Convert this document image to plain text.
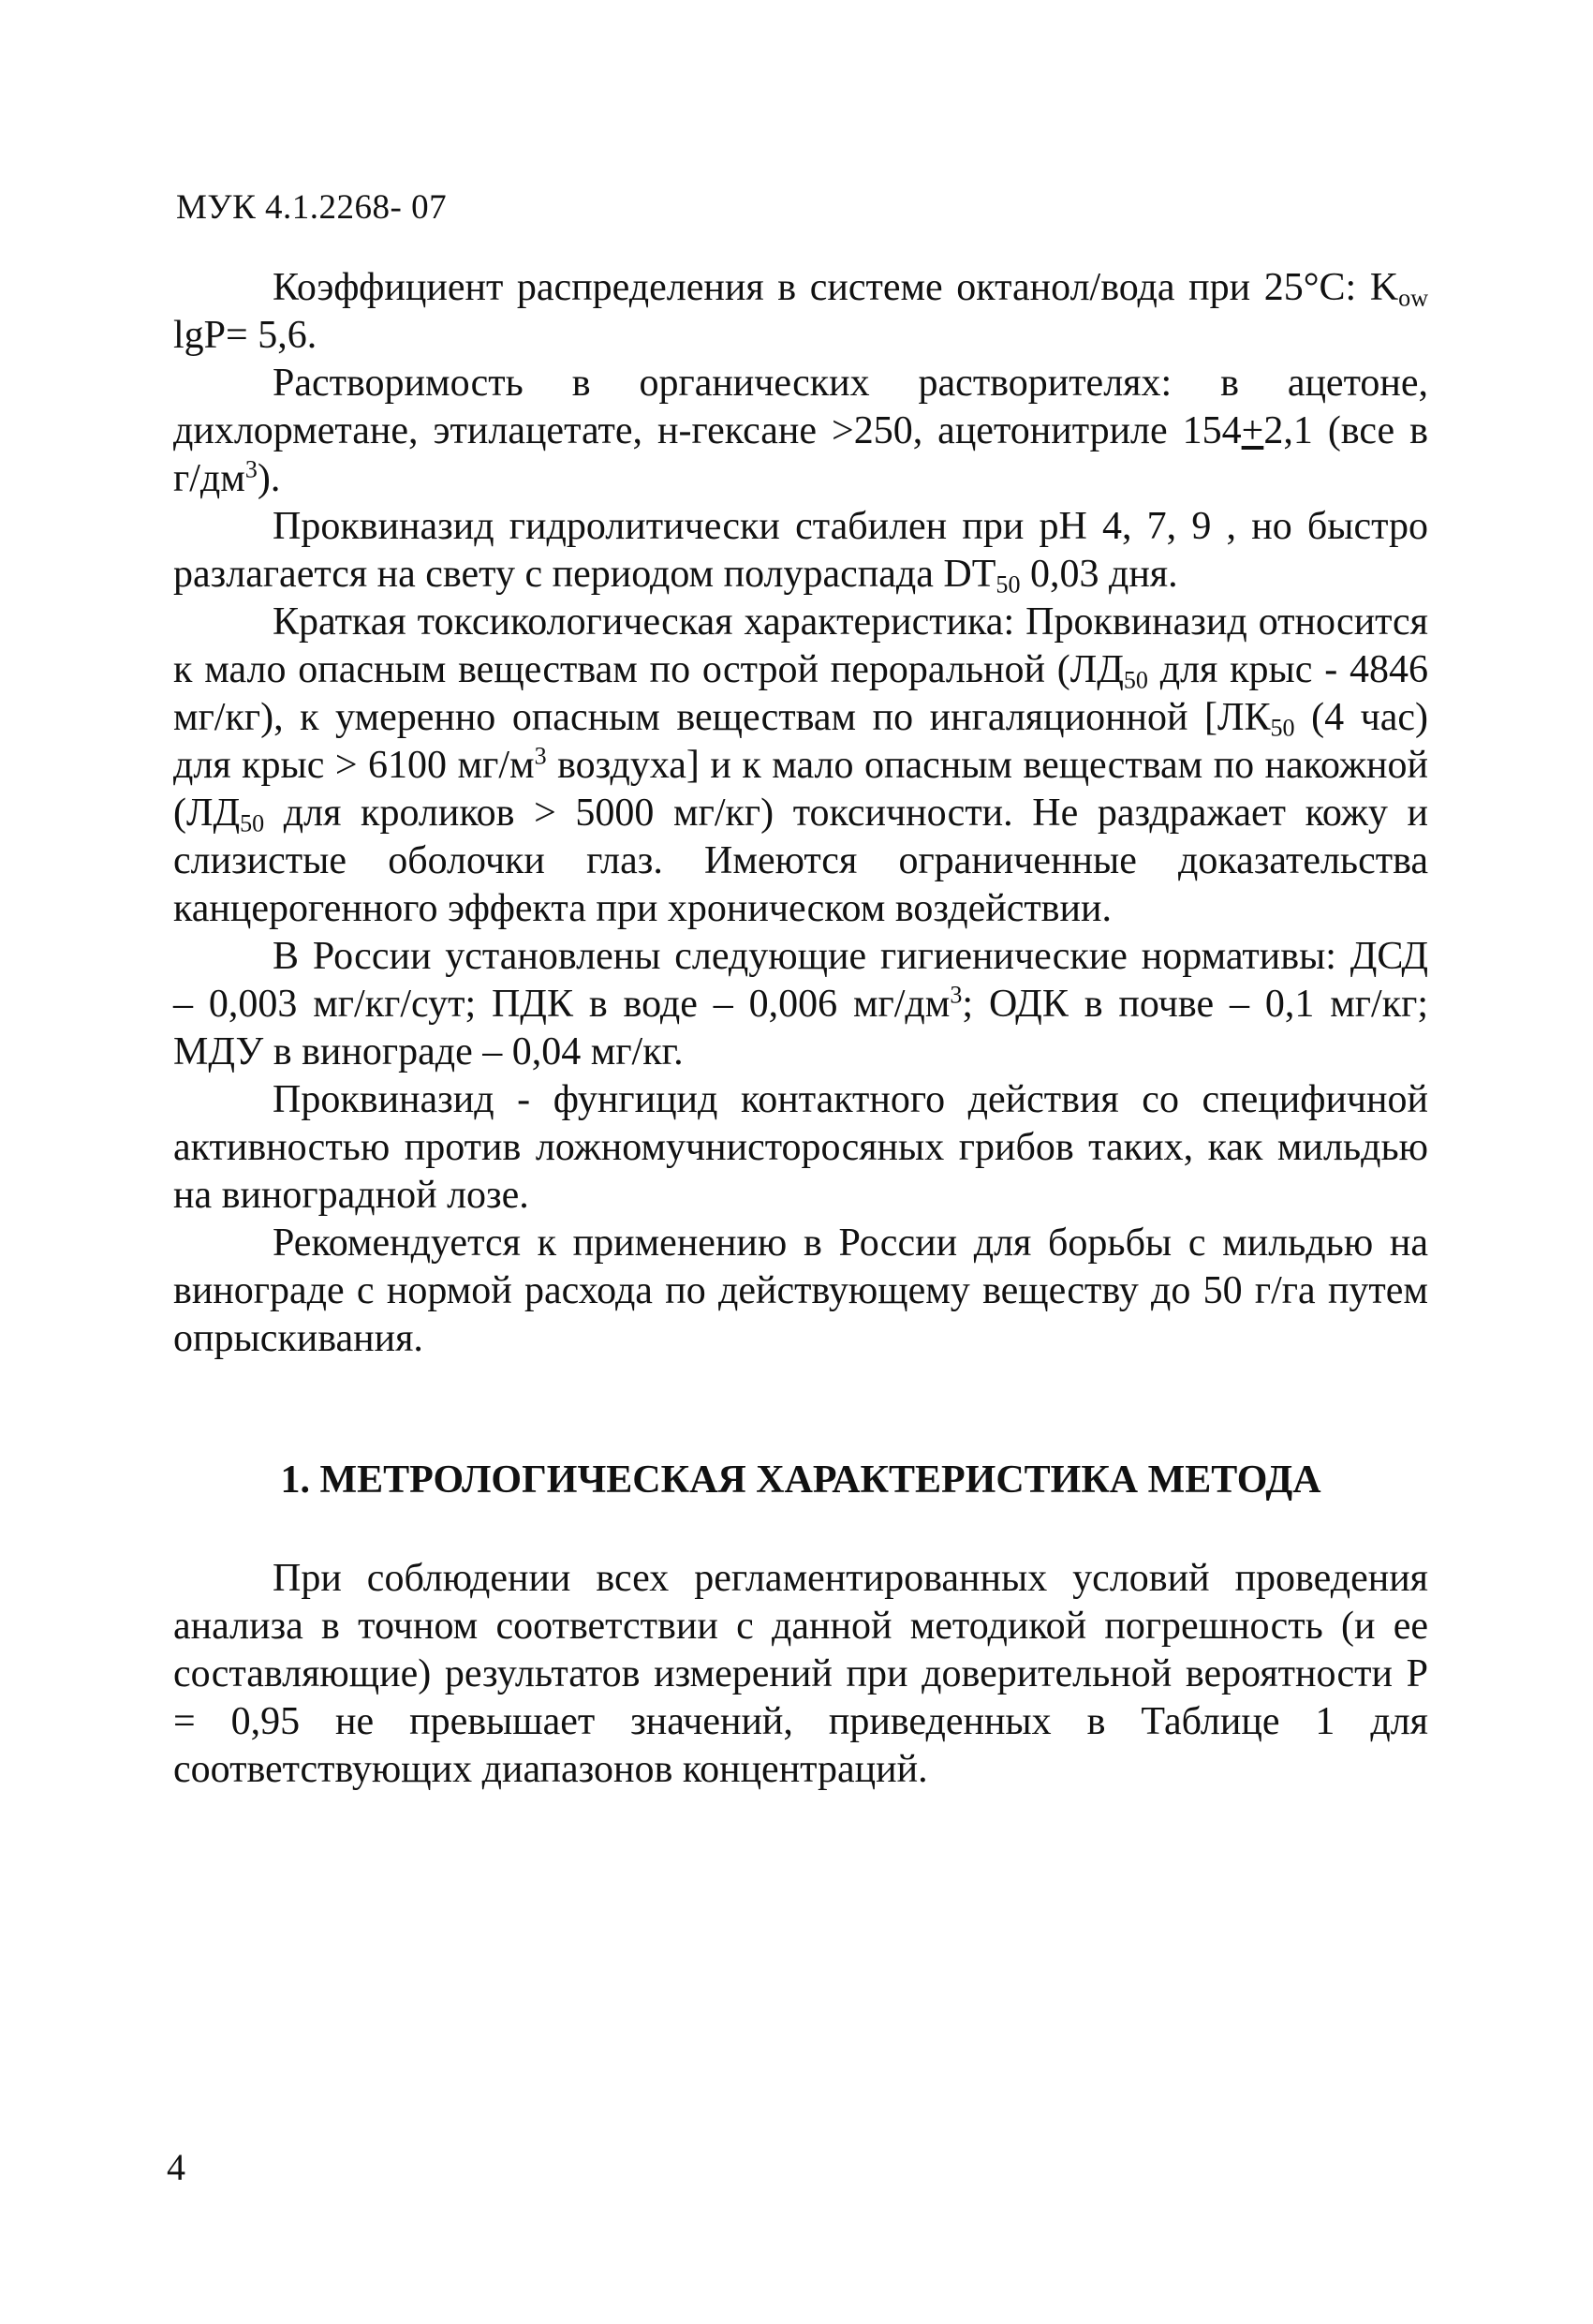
МУК 4.1.2268- 07

Коэффициент распределения в системе октанол/вода при 25°С: $K_{ow}$ lgP= 5,6.

Растворимость в органических растворителях: в ацетоне, дихлорметане, этилацетате, н-гексане >250, ацетонитриле 154+2,1 (все в $г/дм^3$).

Проквиназид гидролитически стабилен при рН 4, 7, 9 , но быстро разлагается на свету с периодом полураспада $DT_{50}$ 0,03 дня.

Краткая токсикологическая характеристика: Проквиназид относится к мало опасным веществам по острой пероральной ($ЛД_{50}$ для крыс - 4846 мг/кг), к умеренно опасным веществам по ингаляционной [$ЛК_{50}$ (4 час) для крыс > 6100 $мг/м^3$ воздуха] и к мало опасным веществам по накожной ($ЛД_{50}$ для кроликов > 5000 мг/кг) токсичности. Не раздражает кожу и слизистые оболочки глаз. Имеются ограниченные доказательства канцерогенного эффекта при хроническом воздействии.

В России установлены следующие гигиенические нормативы: ДСД – 0,003 мг/кг/сут; ПДК в воде – 0,006 $мг/дм^3$; ОДК в почве – 0,1 мг/кг; МДУ в винограде – 0,04 мг/кг.

Проквиназид - фунгицид контактного действия со специфичной активностью против ложномучнисторосяных грибов таких, как мильдью на виноградной лозе.

Рекомендуется к применению в России для борьбы с мильдью на винограде с нормой расхода по действующему веществу до 50 г/га путем опрыскивания.

1. МЕТРОЛОГИЧЕСКАЯ ХАРАКТЕРИСТИКА МЕТОДА

При соблюдении всех регламентированных условий проведения анализа в точном соответствии с данной методикой погрешность (и ее составляющие) результатов измерений при доверительной вероятности Р = 0,95 не превышает значений, приведенных в Таблице 1 для соответствующих диапазонов концентраций.

4
